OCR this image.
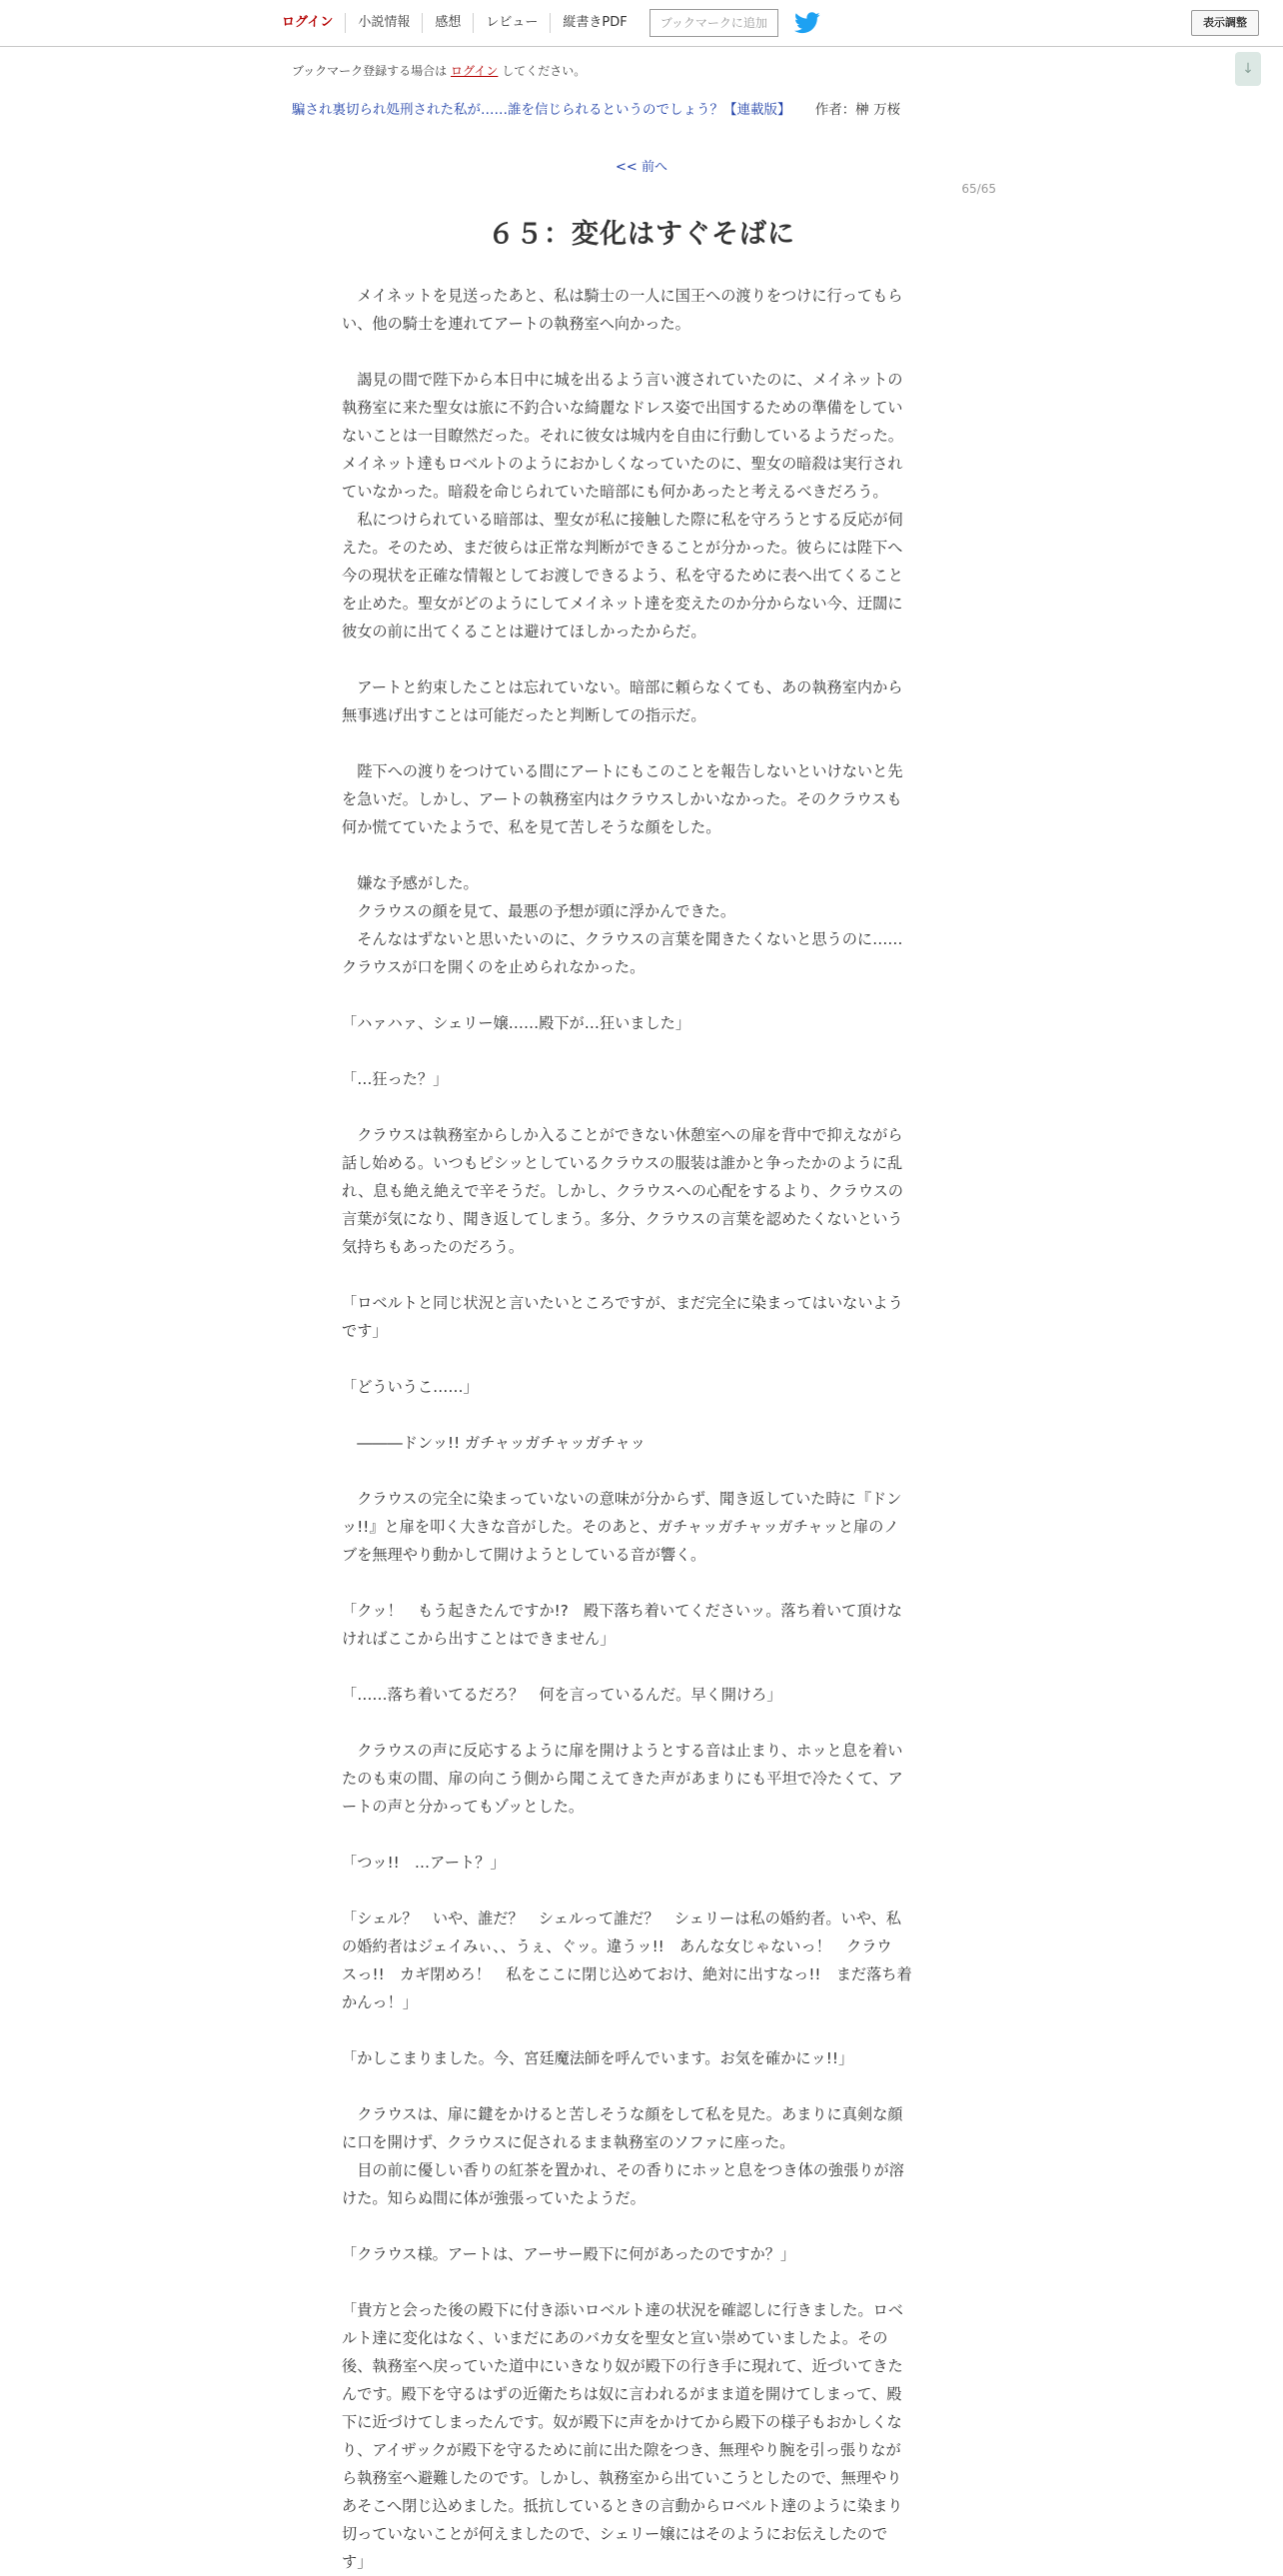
ログイン	小説情報	感想	レビュー	縦書きPDF	ブックマークに追加	表示調整
↓
ブックマーク登録する場合は ログイン してください。
騙され裏切られ処刑された私が……誰を信じられるというのでしょう？【連載版】 作者：榊 万桜
<< 前へ
65/65
６５：変化はすぐそばに

　メイネットを見送ったあと、私は騎士の一人に国王への渡りをつけに行ってもら

い、他の騎士を連れてアートの執務室へ向かった。

　謁見の間で陛下から本日中に城を出るよう言い渡されていたのに、メイネットの

執務室に来た聖女は旅に不釣合いな綺麗なドレス姿で出国するための準備をしてい

ないことは一目瞭然だった。それに彼女は城内を自由に行動しているようだった。

メイネット達もロベルトのようにおかしくなっていたのに、聖女の暗殺は実行され

ていなかった。暗殺を命じられていた暗部にも何かあったと考えるべきだろう。

　私につけられている暗部は、聖女が私に接触した際に私を守ろうとする反応が伺

えた。そのため、まだ彼らは正常な判断ができることが分かった。彼らには陛下へ

今の現状を正確な情報としてお渡しできるよう、私を守るために表へ出てくること

を止めた。聖女がどのようにしてメイネット達を変えたのか分からない今、迂闊に

彼女の前に出てくることは避けてほしかったからだ。

　アートと約束したことは忘れていない。暗部に頼らなくても、あの執務室内から

無事逃げ出すことは可能だったと判断しての指示だ。

　陛下への渡りをつけている間にアートにもこのことを報告しないといけないと先

を急いだ。しかし、アートの執務室内はクラウスしかいなかった。そのクラウスも

何か慌てていたようで、私を見て苦しそうな顔をした。

　嫌な予感がした。

　クラウスの顔を見て、最悪の予想が頭に浮かんできた。

　そんなはずないと思いたいのに、クラウスの言葉を聞きたくないと思うのに……

クラウスが口を開くのを止められなかった。

「ハァハァ、シェリー嬢……殿下が…狂いました」

「…狂った？」

　クラウスは執務室からしか入ることができない休憩室への扉を背中で抑えながら

話し始める。いつもピシッとしているクラウスの服装は誰かと争ったかのように乱

れ、息も絶え絶えで辛そうだ。しかし、クラウスへの心配をするより、クラウスの

言葉が気になり、聞き返してしまう。多分、クラウスの言葉を認めたくないという

気持ちもあったのだろう。

「ロベルトと同じ状況と言いたいところですが、まだ完全に染まってはいないよう

です」

「どういうこ……」

　―――ドンッ!! ガチャッガチャッガチャッ

　クラウスの完全に染まっていないの意味が分からず、聞き返していた時に『ドン

ッ!!』と扉を叩く大きな音がした。そのあと、ガチャッガチャッガチャッと扉のノ

ブを無理やり動かして開けようとしている音が響く。

「クッ！　もう起きたんですか!?　殿下落ち着いてくださいッ。落ち着いて頂けな

ければここから出すことはできません」

「……落ち着いてるだろ？　何を言っているんだ。早く開けろ」

　クラウスの声に反応するように扉を開けようとする音は止まり、ホッと息を着い

たのも束の間、扉の向こう側から聞こえてきた声があまりにも平坦で冷たくて、ア

ートの声と分かってもゾッとした。

「つッ!!　…アート？」

「シェル？　いや、誰だ？　シェルって誰だ？　シェリーは私の婚約者。いや、私

の婚約者はジェイみぃ、、うぇ、ぐッ。違うッ!!　あんな女じゃないっ！　クラウ

スっ!!　カギ閉めろ！　私をここに閉じ込めておけ、絶対に出すなっ!!　まだ落ち着

かんっ！」

「かしこまりました。今、宮廷魔法師を呼んでいます。お気を確かにッ!!」

　クラウスは、扉に鍵をかけると苦しそうな顔をして私を見た。あまりに真剣な顔

に口を開けず、クラウスに促されるまま執務室のソファに座った。

　目の前に優しい香りの紅茶を置かれ、その香りにホッと息をつき体の強張りが溶

けた。知らぬ間に体が強張っていたようだ。

「クラウス様。アートは、アーサー殿下に何があったのですか？」

「貴方と会った後の殿下に付き添いロベルト達の状況を確認しに行きました。ロベ

ルト達に変化はなく、いまだにあのバカ女を聖女と宣い崇めていましたよ。その

後、執務室へ戻っていた道中にいきなり奴が殿下の行き手に現れて、近づいてきた

んです。殿下を守るはずの近衛たちは奴に言われるがまま道を開けてしまって、殿

下に近づけてしまったんです。奴が殿下に声をかけてから殿下の様子もおかしくな

り、アイザックが殿下を守るために前に出た隙をつき、無理やり腕を引っ張りなが

ら執務室へ避難したのです。しかし、執務室から出ていこうとしたので、無理やり

あそこへ閉じ込めました。抵抗しているときの言動からロベルト達のように染まり

切っていないことが何えましたので、シェリー嬢にはそのようにお伝えしたので

す」
